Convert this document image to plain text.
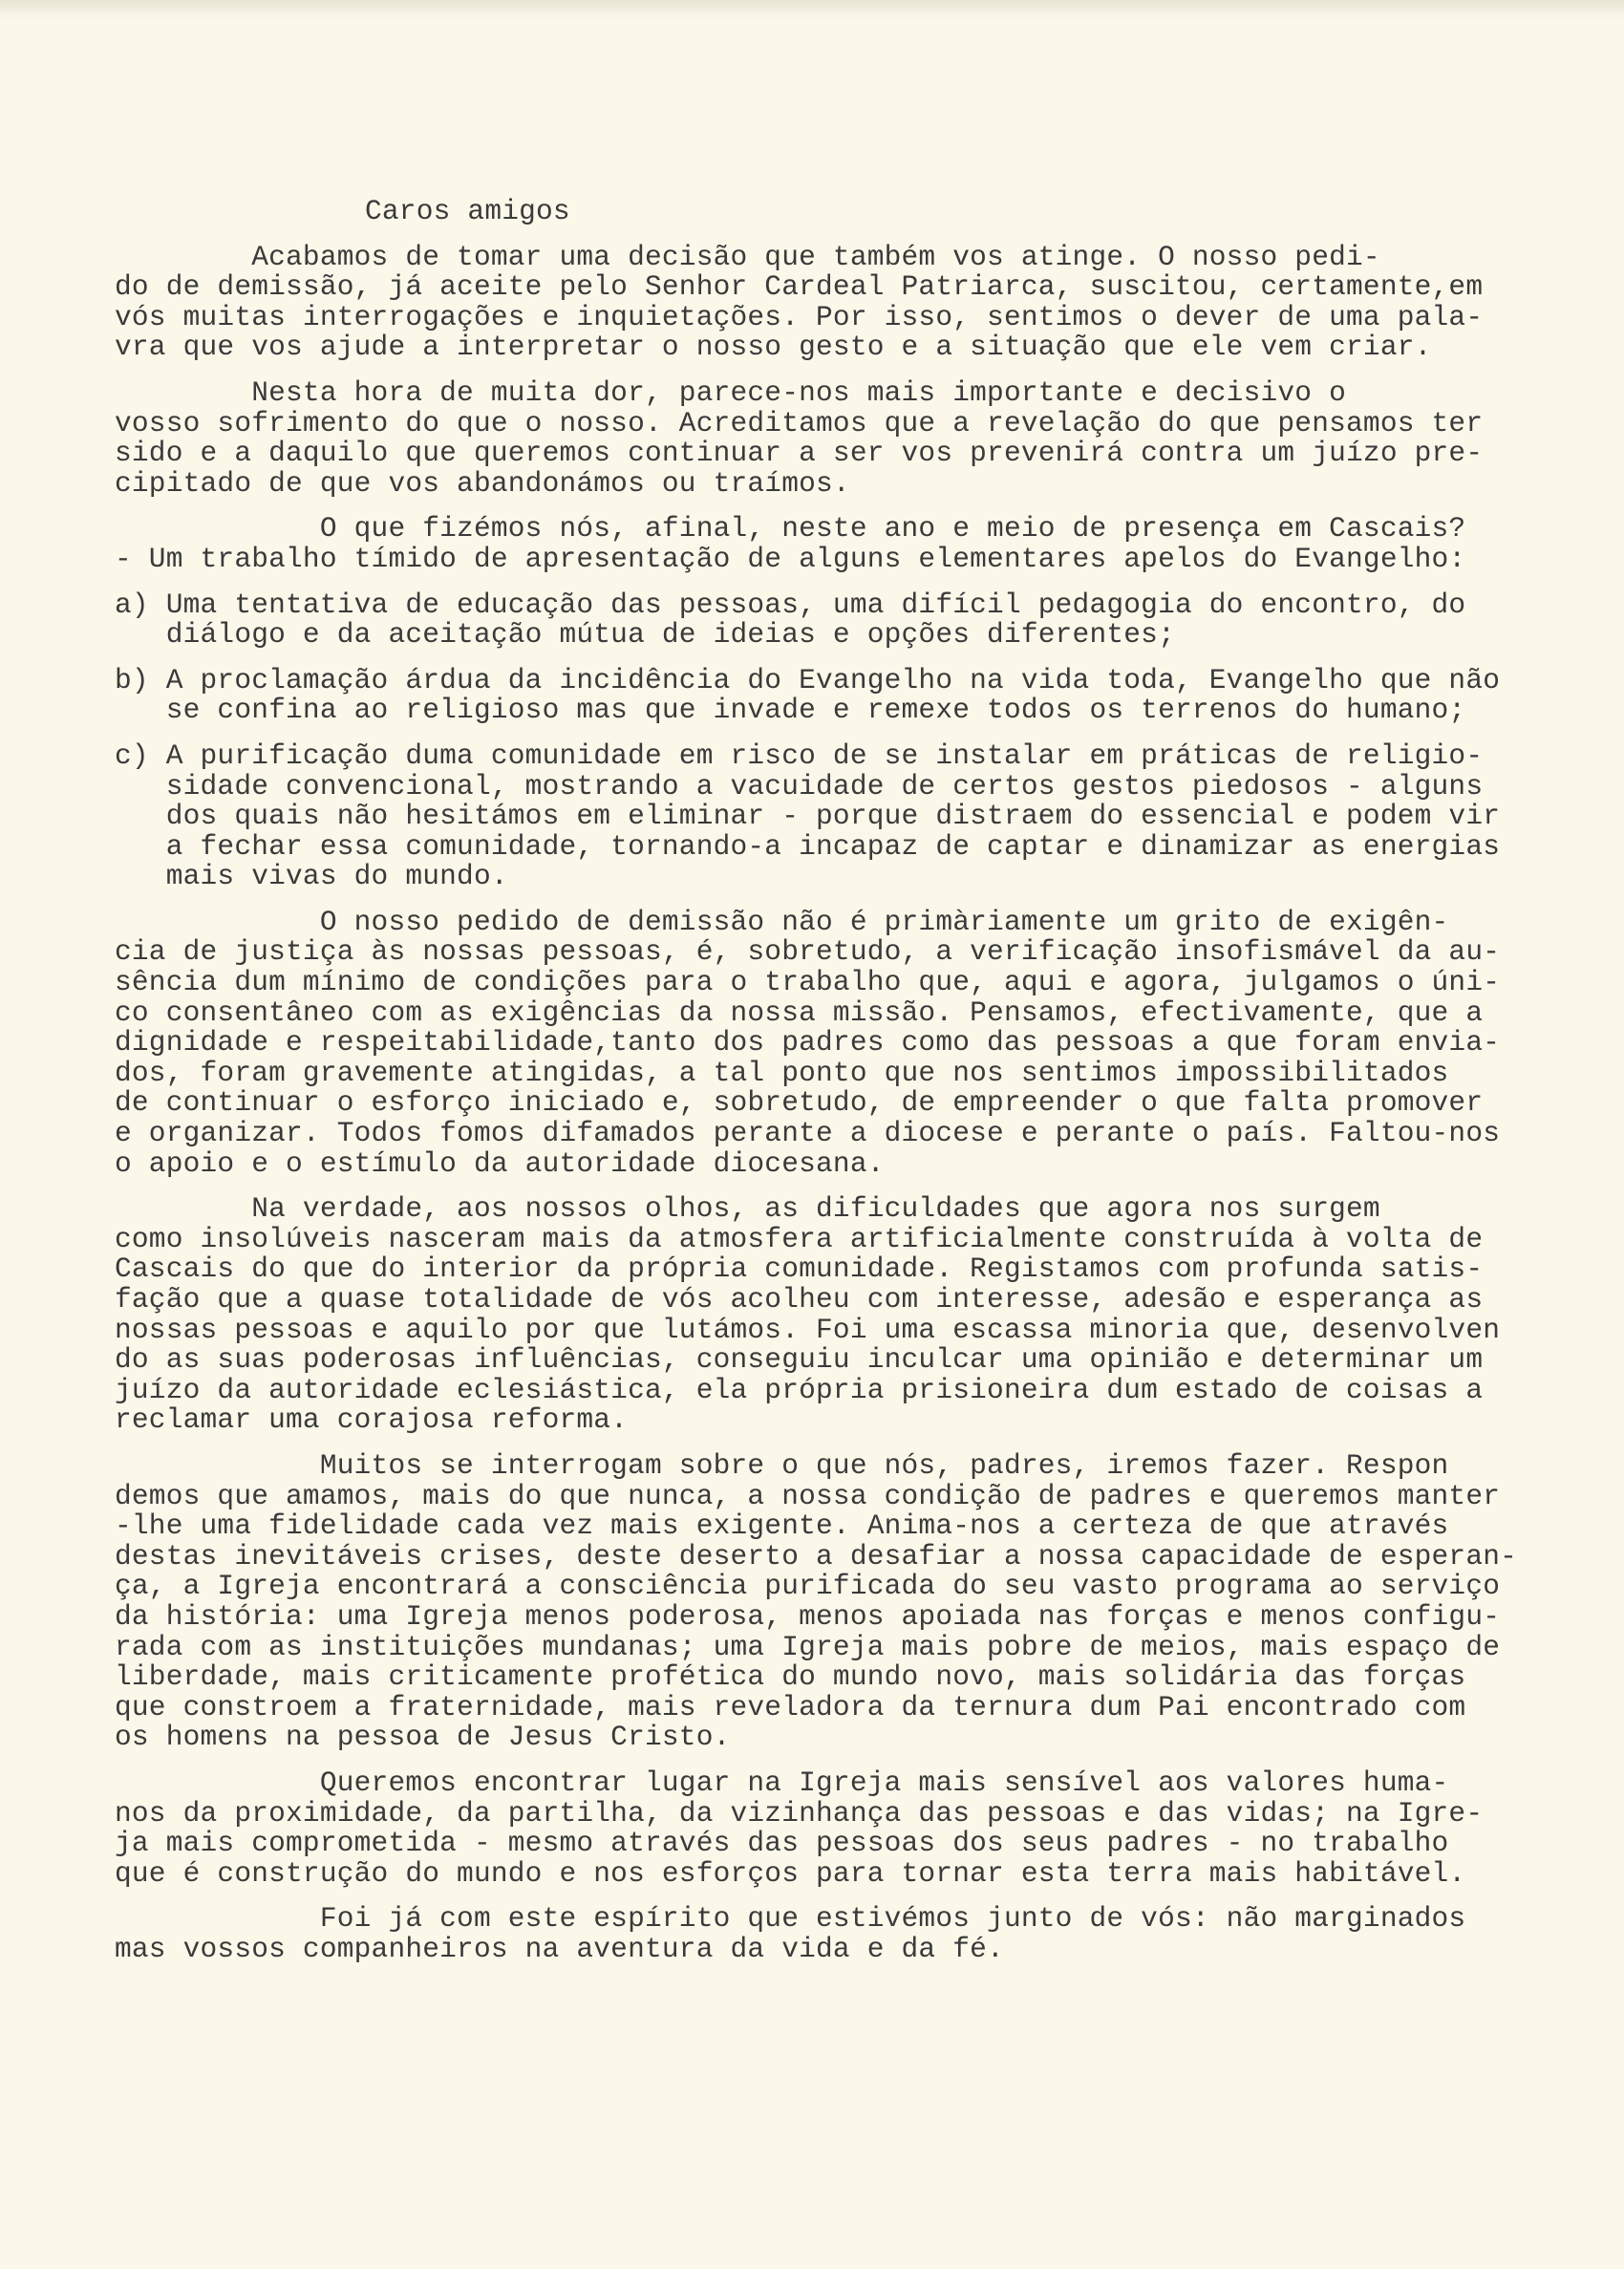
Caros amigos
Acabamos de tomar uma decisão que também vos atinge. O nosso pedi-
do de demissão, já aceite pelo Senhor Cardeal Patriarca, suscitou, certamente,em
vós muitas interrogações e inquietações. Por isso, sentimos o dever de uma pala-
vra que vos ajude a interpretar o nosso gesto e a situação que ele vem criar.
Nesta hora de muita dor, parece-nos mais importante e decisivo o
vosso sofrimento do que o nosso. Acreditamos que a revelação do que pensamos ter
sido e a daquilo que queremos continuar a ser vos prevenirá contra um juízo pre-
cipitado de que vos abandonámos ou traímos.
O que fizémos nós, afinal, neste ano e meio de presença em Cascais?
- Um trabalho tímido de apresentação de alguns elementares apelos do Evangelho:
a) Uma tentativa de educação das pessoas, uma difícil pedagogia do encontro, do
diálogo e da aceitação mútua de ideias e opções diferentes;
b) A proclamação árdua da incidência do Evangelho na vida toda, Evangelho que não
se confina ao religioso mas que invade e remexe todos os terrenos do humano;
c) A purificação duma comunidade em risco de se instalar em práticas de religio-
sidade convencional, mostrando a vacuidade de certos gestos piedosos - alguns
dos quais não hesitámos em eliminar - porque distraem do essencial e podem vir
a fechar essa comunidade, tornando-a incapaz de captar e dinamizar as energias
mais vivas do mundo.
O nosso pedido de demissão não é primàriamente um grito de exigên-
cia de justiça às nossas pessoas, é, sobretudo, a verificação insofismável da au-
sência dum mínimo de condições para o trabalho que, aqui e agora, julgamos o úni-
co consentâneo com as exigências da nossa missão. Pensamos, efectivamente, que a
dignidade e respeitabilidade,tanto dos padres como das pessoas a que foram envia-
dos, foram gravemente atingidas, a tal ponto que nos sentimos impossibilitados
de continuar o esforço iniciado e, sobretudo, de empreender o que falta promover
e organizar. Todos fomos difamados perante a diocese e perante o país. Faltou-nos
o apoio e o estímulo da autoridade diocesana.
Na verdade, aos nossos olhos, as dificuldades que agora nos surgem
como insolúveis nasceram mais da atmosfera artificialmente construída à volta de
Cascais do que do interior da própria comunidade. Registamos com profunda satis-
fação que a quase totalidade de vós acolheu com interesse, adesão e esperança as
nossas pessoas e aquilo por que lutámos. Foi uma escassa minoria que, desenvolven
do as suas poderosas influências, conseguiu inculcar uma opinião e determinar um
juízo da autoridade eclesiástica, ela própria prisioneira dum estado de coisas a
reclamar uma corajosa reforma.
Muitos se interrogam sobre o que nós, padres, iremos fazer. Respon
demos que amamos, mais do que nunca, a nossa condição de padres e queremos manter
-lhe uma fidelidade cada vez mais exigente. Anima-nos a certeza de que através
destas inevitáveis crises, deste deserto a desafiar a nossa capacidade de esperan-
ça, a Igreja encontrará a consciência purificada do seu vasto programa ao serviço
da história: uma Igreja menos poderosa, menos apoiada nas forças e menos configu-
rada com as instituições mundanas; uma Igreja mais pobre de meios, mais espaço de
liberdade, mais criticamente profética do mundo novo, mais solidária das forças
que constroem a fraternidade, mais reveladora da ternura dum Pai encontrado com
os homens na pessoa de Jesus Cristo.
Queremos encontrar lugar na Igreja mais sensível aos valores huma-
nos da proximidade, da partilha, da vizinhança das pessoas e das vidas; na Igre-
ja mais comprometida - mesmo através das pessoas dos seus padres - no trabalho
que é construção do mundo e nos esforços para tornar esta terra mais habitável.
Foi já com este espírito que estivémos junto de vós: não marginados
mas vossos companheiros na aventura da vida e da fé.
